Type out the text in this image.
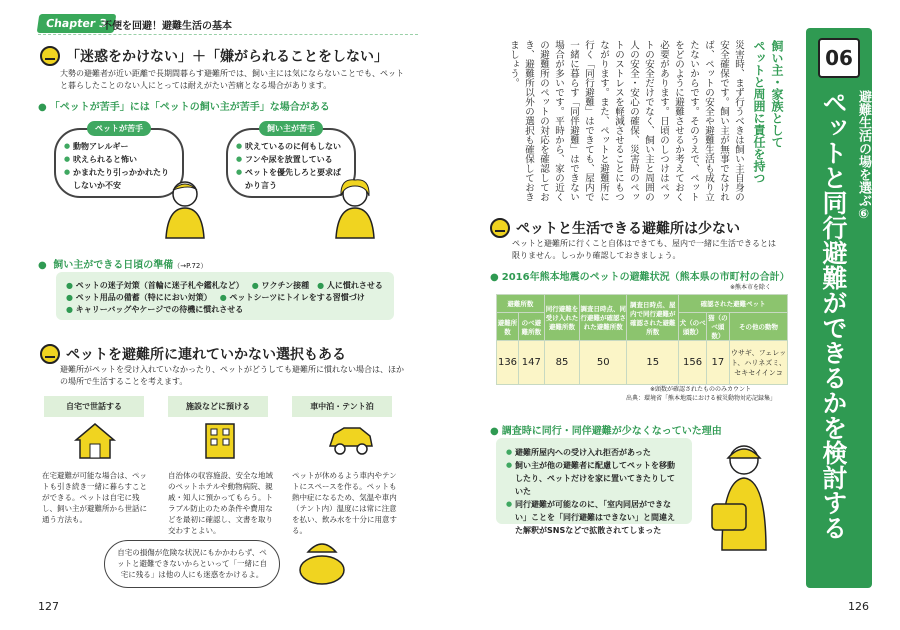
Chapter 3
不便を回避！避難生活の基本
「迷惑をかけない」＋「嫌がられることをしない」
大勢の避難者が近い距離で長期間暮らす避難所では、飼い主には気にならないことでも、ペットと暮らしたことのない人にとっては耐えがたい苦痛となる場合があります。
● 「ペットが苦手」には「ペットの飼い主が苦手」な場合がある
ペットが苦手
● 動物アレルギー
● 吠えられると怖い
● かまれたり引っかかれたりしないか不安
飼い主が苦手
● 吠えているのに何もしない
● フンや尿を放置している
● ペットを優先しろと要求ばかり言う
● 飼い主ができる日頃の準備（→P.72）
● ペットの迷子対策（首輪に迷子札や鑑札など） ● ワクチン接種 ● 人に慣れさせる
● ペット用品の備蓄（特ににおい対策） ● ペットシーツにトイレをする習慣づけ
● キャリーバッグやケージでの待機に慣れさせる
ペットを避難所に連れていかない選択もある
避難所がペットを受け入れていなかったり、ペットがどうしても避難所に慣れない場合は、ほかの場所で生活することを考えます。
自宅で世話する	施設などに預ける	車中泊・テント泊
在宅避難が可能な場合は、ペットも引き続き一緒に暮らすことができる。ペットは自宅に残し、飼い主が避難所から世話に通う方法も。
自治体の収容施設、安全な地域のペットホテルや動物病院、親戚・知人に預かってもらう。トラブル防止のため条件や費用などを最初に確認し、文書を取り交わすとよい。
ペットが休めるよう車内やテントにスペースを作る。ペットも熱中症になるため、気温や車内（テント内）温度には常に注意を払い、飲み水を十分に用意する。
自宅の損傷が危険な状況にもかかわらず、ペットと避難できないからといって「一緒に自宅に残る」は他の人にも迷惑をかけるよ。
127
06
避難生活の場を選ぶ⑥
ペットと同行避難ができるかを検討する
飼い主・家族として
ペットと周囲に責任を持つ
災害時、まず行うべきは飼い主自身の安全確保です。飼い主が無事でなければ、ペットの安全や避難生活も成り立たないからです。そのうえで、ペットをどのように避難させるか考えておく必要があります。日頃のしつけはペットの安全だけでなく、飼い主と周囲の人の安全・安心の確保、災害時のペットのストレスを軽減させることにもつながります。また、ペットと避難所に行く「同行避難」はできても、屋内で一緒に暮らす「同伴避難」はできない場合が多いです。平時から、家の近くの避難所のペットの対応を確認しておき、避難所以外の選択も確保しておきましょう。
ペットと生活できる避難所は少ない
ペットと避難所に行くこと自体はできても、屋内で一緒に生活できるとは限りません。しっかり確認しておきましょう。
● 2016年熊本地震のペットの避難状況（熊本県の市町村の合計）
※熊本市を除く
避難所数		同行避難を受け入れた避難所数	調査日時点、同行避難が確認された避難所数	調査日時点、屋内で同行避難が確認された避難所数	確認された避難ペット		
避難所数	のべ避難所数				犬（のべ頭数）	猫（のべ頭数）	その他の動物
136	147	85	50	15	156	17	ウサギ、フェレット、ハリネズミ、セキセイインコ
※頭数が確認されたもののみカウント
出典：環境省「熊本地震における被災動物対応記録集」
● 調査時に同行・同伴避難が少なくなっていた理由
● 避難所屋内への受け入れ拒否があった
● 飼い主が他の避難者に配慮してペットを移動したり、ペットだけを家に置いてきたりしていた
● 同行避難が可能なのに、「室内同居ができない」ことを「同行避難はできない」と間違えた解釈がSNSなどで拡散されてしまった
126
